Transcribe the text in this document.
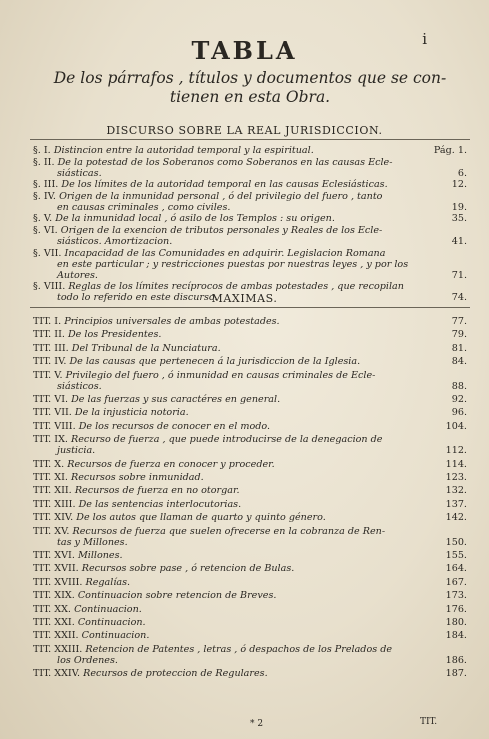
i
TABLA
De los párrafos , títulos y documentos que se con-
tienen en esta Obra.
DISCURSO SOBRE LA REAL JURISDICCION.
§. I. Distincion entre la autoridad temporal y la espiritual.	Pág. 1.
§. II. De la potestad de los Soberanos como Soberanos en las causas Ecle-
siásticas.	6.
§. III. De los límites de la autoridad temporal en las causas Eclesiásticas.	12.
§. IV. Origen de la inmunidad personal , ó del privilegio del fuero , tanto
en causas criminales , como civiles.	19.
§. V. De la inmunidad local , ó asilo de los Templos : su origen.	35.
§. VI. Origen de la exencion de tributos personales y Reales de los Ecle-
siásticos. Amortizacion.	41.
§. VII. Incapacidad de las Comunidades en adquirir. Legislacion Romana
en este particular ; y restricciones puestas por nuestras leyes , y por los
Autores.	71.
§. VIII. Reglas de los límites recíprocos de ambas potestades , que recopilan
todo lo referido en este discurso.	74.
MAXIMAS.
TIT. I. Principios universales de ambas potestades.	77.
TIT. II. De los Presidentes.	79.
TIT. III. Del Tribunal de la Nunciatura.	81.
TIT. IV. De las causas que pertenecen á la jurisdiccion de la Iglesia.	84.
TIT. V. Privilegio del fuero , ó inmunidad en causas criminales de Ecle-
siásticos.	88.
TIT. VI. De las fuerzas y sus caractéres en general.	92.
TIT. VII. De la injusticia notoria.	96.
TIT. VIII. De los recursos de conocer en el modo.	104.
TIT. IX. Recurso de fuerza , que puede introducirse de la denegacion de
justicia.	112.
TIT. X. Recursos de fuerza en conocer y proceder.	114.
TIT. XI. Recursos sobre inmunidad.	123.
TIT. XII. Recursos de fuerza en no otorgar.	132.
TIT. XIII. De las sentencias interlocutorias.	137.
TIT. XIV. De los autos que llaman de quarto y quinto género.	142.
TIT. XV. Recursos de fuerza que suelen ofrecerse en la cobranza de Ren-
tas y Millones.	150.
TIT. XVI. Millones.	155.
TIT. XVII. Recursos sobre pase , ó retencion de Bulas.	164.
TIT. XVIII. Regalías.	167.
TIT. XIX. Continuacion sobre retencion de Breves.	173.
TIT. XX. Continuacion.	176.
TIT. XXI. Continuacion.	180.
TIT. XXII. Continuacion.	184.
TIT. XXIII. Retencion de Patentes , letras , ó despachos de los Prelados de
los Ordenes.	186.
TIT. XXIV. Recursos de proteccion de Regulares.	187.
* 2	TIT.
